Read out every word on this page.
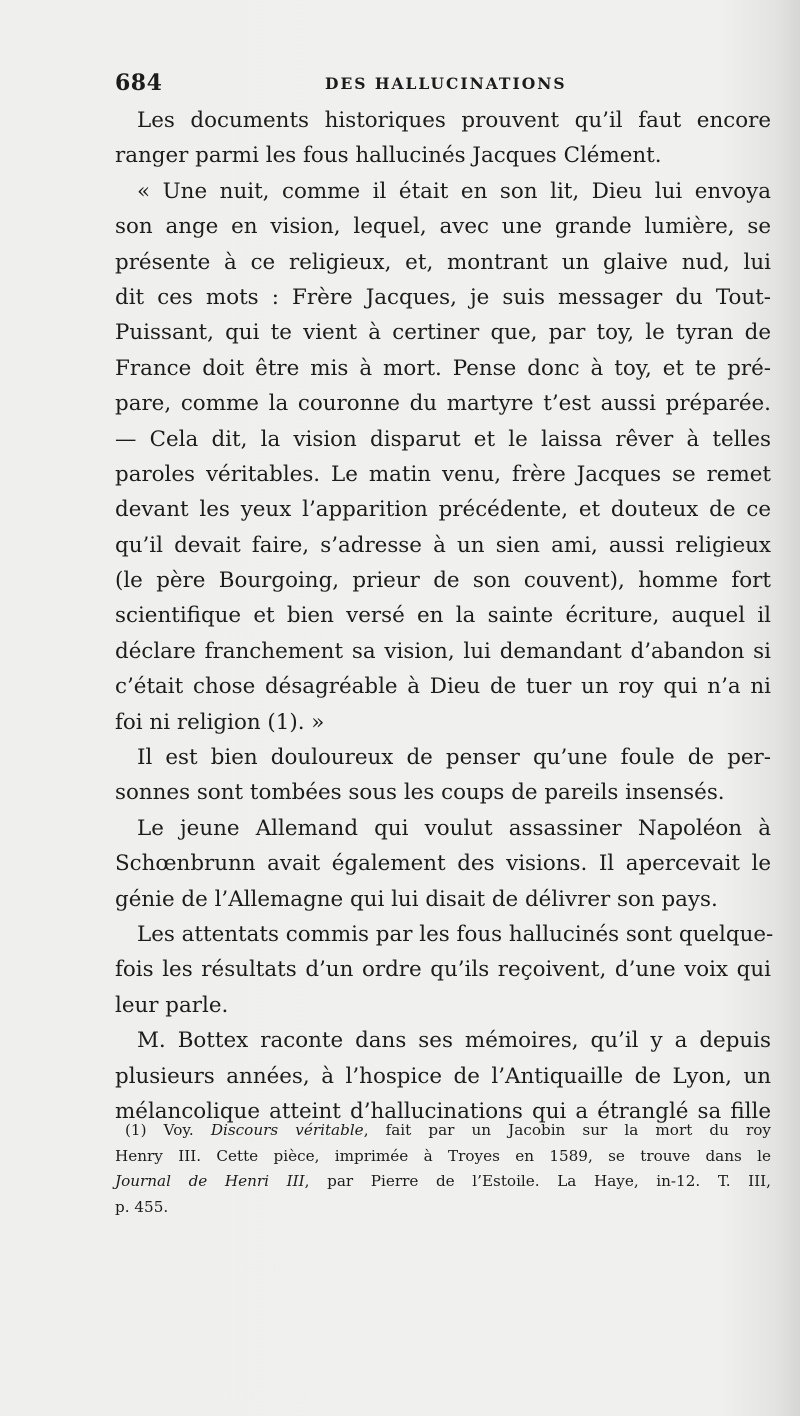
684	DES HALLUCINATIONS
Les documents historiques prouvent qu’il faut encore
ranger parmi les fous hallucinés Jacques Clément.
« Une nuit, comme il était en son lit, Dieu lui envoya
son ange en vision, lequel, avec une grande lumière, se
présente à ce religieux, et, montrant un glaive nud, lui
dit ces mots : Frère Jacques, je suis messager du Tout-
Puissant, qui te vient à certiner que, par toy, le tyran de
France doit être mis à mort. Pense donc à toy, et te pré-
pare, comme la couronne du martyre t’est aussi préparée.
— Cela dit, la vision disparut et le laissa rêver à telles
paroles véritables. Le matin venu, frère Jacques se remet
devant les yeux l’apparition précédente, et douteux de ce
qu’il devait faire, s’adresse à un sien ami, aussi religieux
(le père Bourgoing, prieur de son couvent), homme fort
scientifique et bien versé en la sainte écriture, auquel il
déclare franchement sa vision, lui demandant d’abandon si
c’était chose désagréable à Dieu de tuer un roy qui n’a ni
foi ni religion (1). »
Il est bien douloureux de penser qu’une foule de per-
sonnes sont tombées sous les coups de pareils insensés.
Le jeune Allemand qui voulut assassiner Napoléon à
Schœnbrunn avait également des visions. Il apercevait le
génie de l’Allemagne qui lui disait de délivrer son pays.
Les attentats commis par les fous hallucinés sont quelque-
fois les résultats d’un ordre qu’ils reçoivent, d’une voix qui
leur parle.
M. Bottex raconte dans ses mémoires, qu’il y a depuis
plusieurs années, à l’hospice de l’Antiquaille de Lyon, un
mélancolique atteint d’hallucinations qui a étranglé sa fille
(1) Voy. Discours véritable, fait par un Jacobin sur la mort du roy
Henry III. Cette pièce, imprimée à Troyes en 1589, se trouve dans le
Journal de Henri III, par Pierre de l’Estoile. La Haye, in-12. T. III,
p. 455.
